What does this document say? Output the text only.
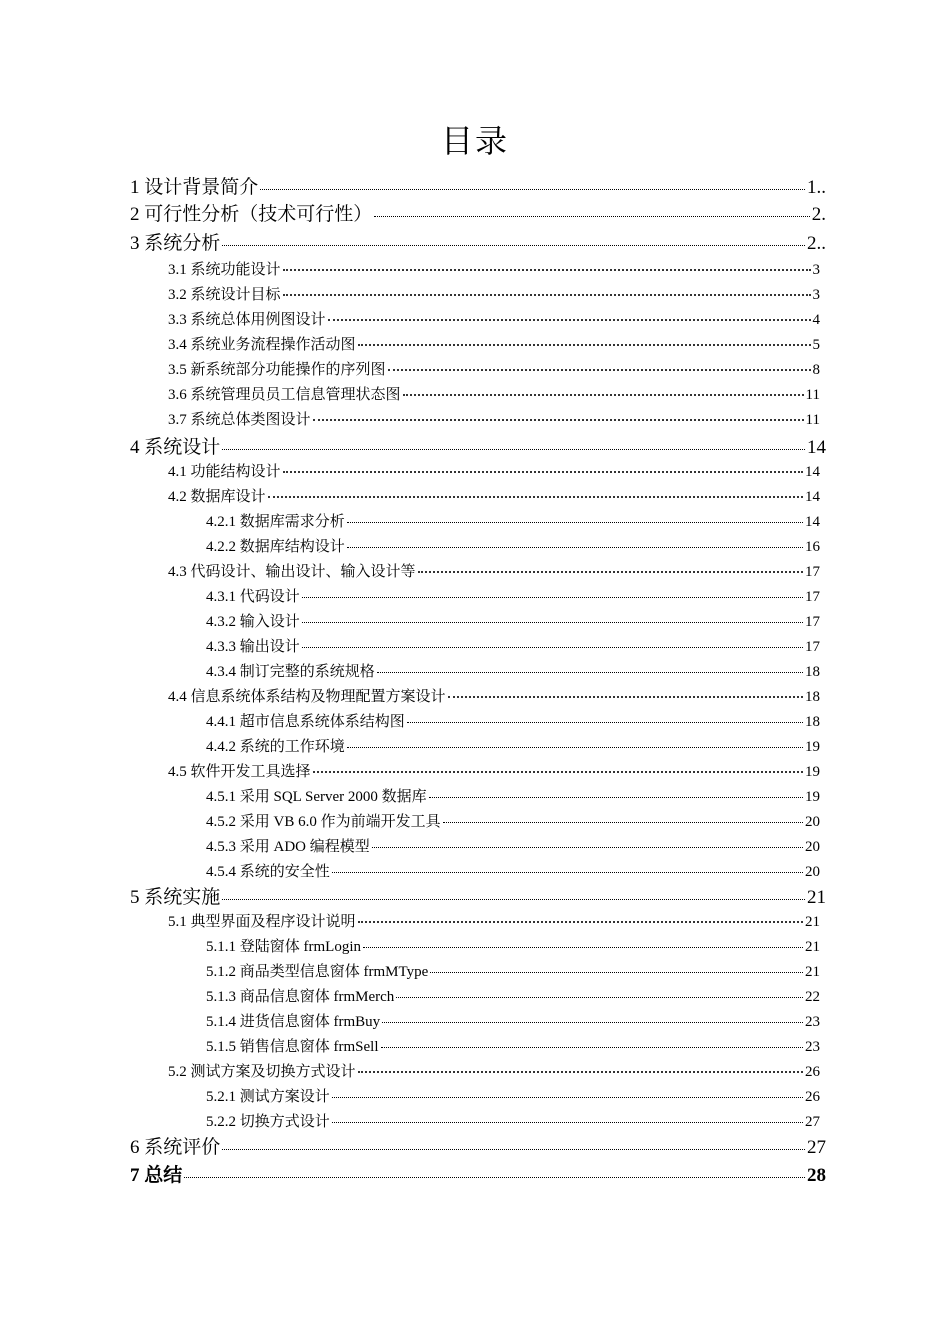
目录
1 设计背景简介	1..
2 可行性分析（技术可行性）	2.
3 系统分析	2..
3.1 系统功能设计	3
3.2 系统设计目标	3
3.3 系统总体用例图设计	4
3.4 系统业务流程操作活动图	5
3.5 新系统部分功能操作的序列图	8
3.6 系统管理员员工信息管理状态图	11
3.7 系统总体类图设计	11
4 系统设计	14
4.1 功能结构设计	14
4.2 数据库设计	14
4.2.1 数据库需求分析	14
4.2.2 数据库结构设计	16
4.3 代码设计、输出设计、输入设计等	17
4.3.1 代码设计	17
4.3.2 输入设计	17
4.3.3 输出设计	17
4.3.4 制订完整的系统规格	18
4.4 信息系统体系结构及物理配置方案设计	18
4.4.1 超市信息系统体系结构图	18
4.4.2 系统的工作环境	19
4.5 软件开发工具选择	19
4.5.1 采用 SQL Server 2000 数据库	19
4.5.2 采用 VB 6.0 作为前端开发工具	20
4.5.3 采用 ADO 编程模型	20
4.5.4 系统的安全性	20
5 系统实施	21
5.1 典型界面及程序设计说明	21
5.1.1 登陆窗体 frmLogin	21
5.1.2 商品类型信息窗体 frmMType	21
5.1.3 商品信息窗体 frmMerch	22
5.1.4 进货信息窗体 frmBuy	23
5.1.5 销售信息窗体 frmSell	23
5.2 测试方案及切换方式设计	26
5.2.1 测试方案设计	26
5.2.2 切换方式设计	27
6 系统评价	27
7 总结	28
